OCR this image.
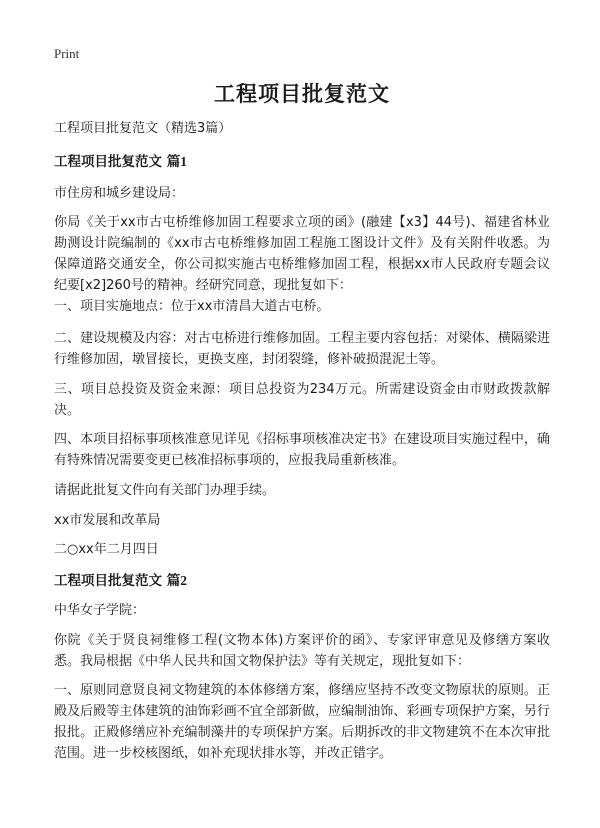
Print
工程项目批复范文

工程项目批复范文（精选3篇）

工程项目批复范文 篇1

市住房和城乡建设局：

你局《关于xx市古屯桥维修加固工程要求立项的函》(融建【x3】44号)、福建省林业勘测设计院编制的《xx市古屯桥维修加固工程施工图设计文件》及有关附件收悉。为保障道路交通安全，你公司拟实施古屯桥维修加固工程，根据xx市人民政府专题会议纪要[x2]260号的精神。经研究同意，现批复如下：

一、项目实施地点：位于xx市清昌大道古屯桥。

二、建设规模及内容：对古屯桥进行维修加固。工程主要内容包括：对梁体、横隔梁进行维修加固，墩冒接长，更换支座，封闭裂缝，修补破损混泥土等。

三、项目总投资及资金来源：项目总投资为234万元。所需建设资金由市财政拨款解决。

四、本项目招标事项核准意见详见《招标事项核准决定书》在建设项目实施过程中，确有特殊情况需要变更已核准招标事项的，应报我局重新核准。

请据此批复文件向有关部门办理手续。

xx市发展和改革局

二○xx年二月四日

工程项目批复范文 篇2

中华女子学院：

你院《关于贤良祠维修工程(文物本体)方案评价的函》、专家评审意见及修缮方案收悉。我局根据《中华人民共和国文物保护法》等有关规定，现批复如下：

一、原则同意贤良祠文物建筑的本体修缮方案，修缮应坚持不改变文物原状的原则。正殿及后殿等主体建筑的油饰彩画不宜全部新做，应编制油饰、彩画专项保护方案，另行报批。正殿修缮应补充编制藻井的专项保护方案。后期拆改的非文物建筑不在本次审批范围。进一步校核图纸，如补充现状排水等，并改正错字。
